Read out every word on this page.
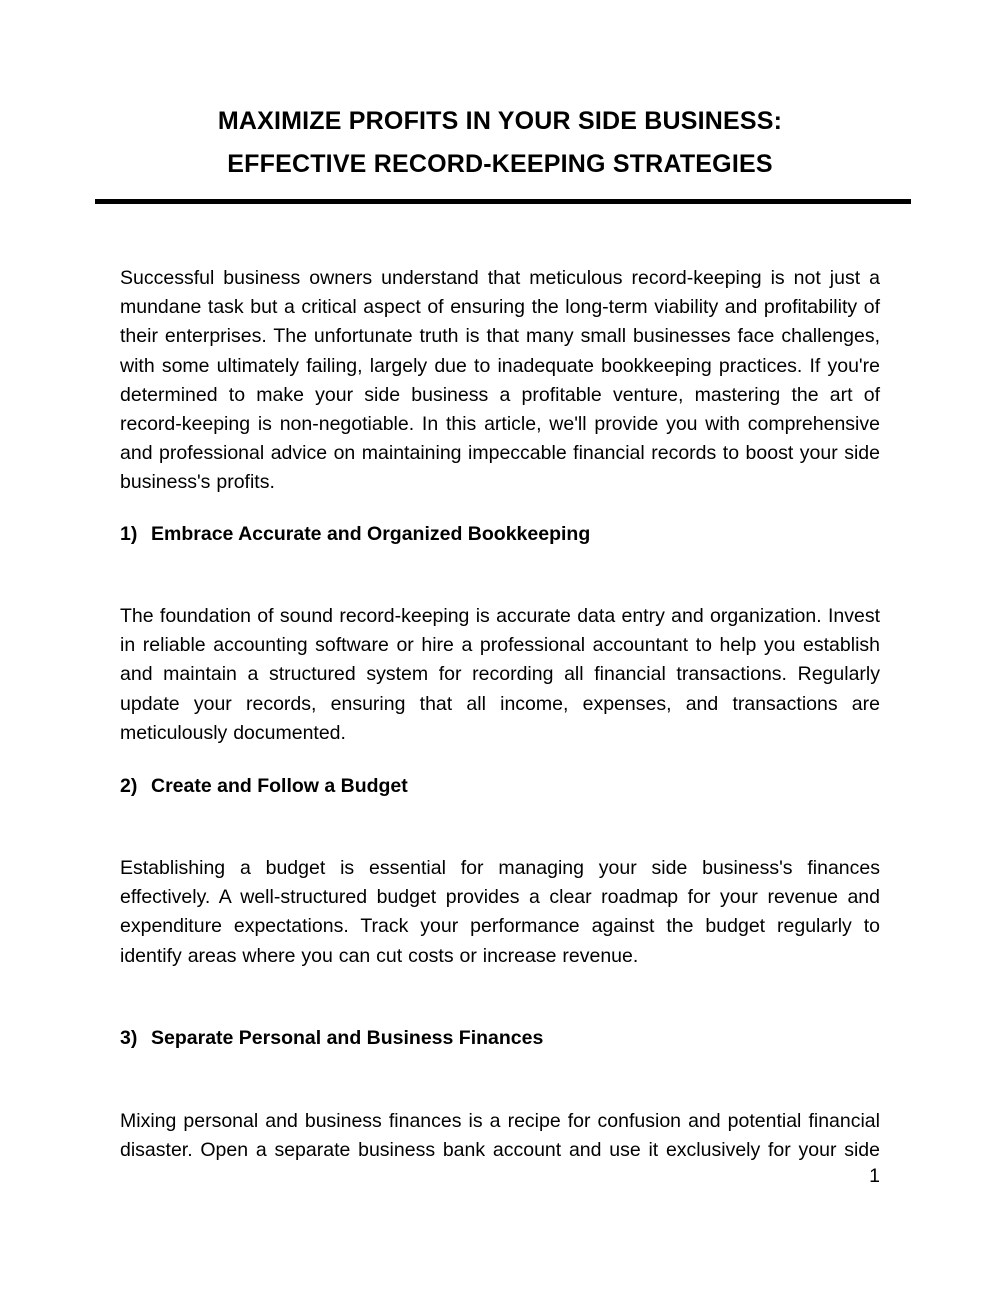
MAXIMIZE PROFITS IN YOUR SIDE BUSINESS:
EFFECTIVE RECORD-KEEPING STRATEGIES

Successful business owners understand that meticulous record-keeping is not just a mundane task but a critical aspect of ensuring the long-term viability and profitability of their enterprises. The unfortunate truth is that many small businesses face challenges, with some ultimately failing, largely due to inadequate bookkeeping practices. If you're determined to make your side business a profitable venture, mastering the art of record-keeping is non-negotiable. In this article, we'll provide you with comprehensive and professional advice on maintaining impeccable financial records to boost your side business's profits.

1) Embrace Accurate and Organized Bookkeeping

The foundation of sound record-keeping is accurate data entry and organization. Invest in reliable accounting software or hire a professional accountant to help you establish and maintain a structured system for recording all financial transactions. Regularly update your records, ensuring that all income, expenses, and transactions are meticulously documented.

2) Create and Follow a Budget

Establishing a budget is essential for managing your side business's finances effectively. A well-structured budget provides a clear roadmap for your revenue and expenditure expectations. Track your performance against the budget regularly to identify areas where you can cut costs or increase revenue.

3) Separate Personal and Business Finances

Mixing personal and business finances is a recipe for confusion and potential financial disaster. Open a separate business bank account and use it exclusively for your side

1
